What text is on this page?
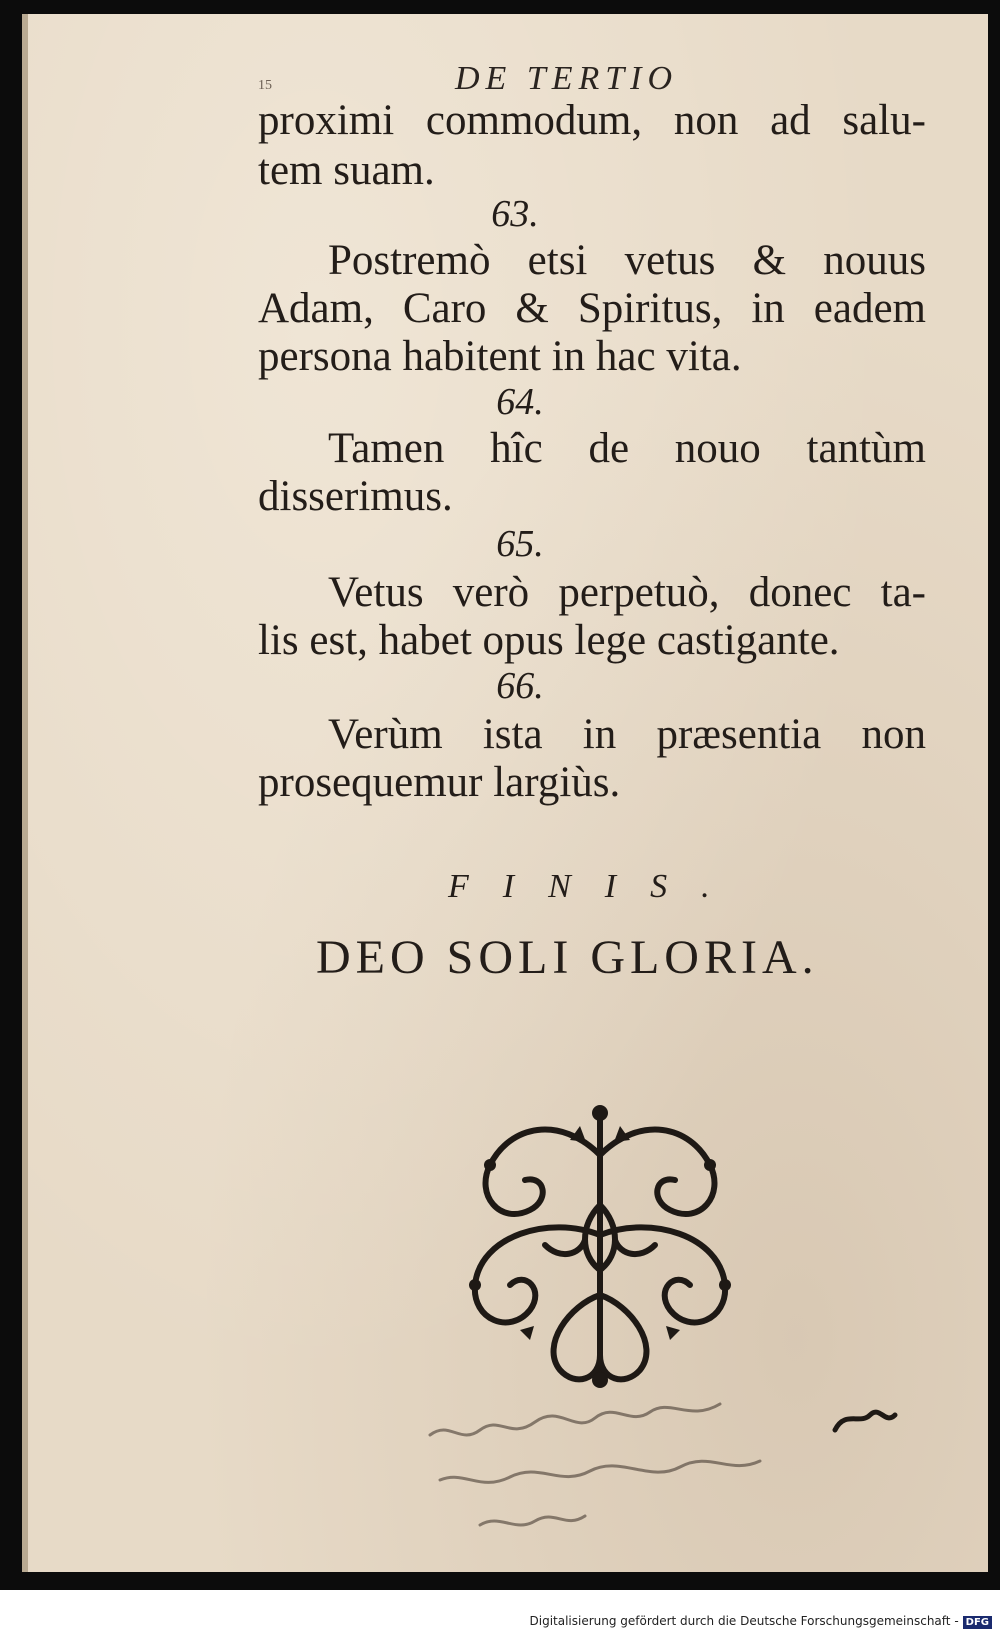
15	DE TERTIO
proximi commodum, non ad salu-
tem suam.
63.
Postremò etsi vetus & nouus
Adam, Caro & Spiritus, in eadem
persona habitent in hac vita.
64.
Tamen hîc de nouo tantùm
disserimus.
65.
Vetus verò perpetuò, donec ta-
lis est, habet opus lege castigante.
66.
Verùm ista in præsentia non
prosequemur largiùs.
FINIS.
DEO SOLI GLORIA.
Digitalisierung gefördert durch die Deutsche Forschungsgemeinschaft - DFG
